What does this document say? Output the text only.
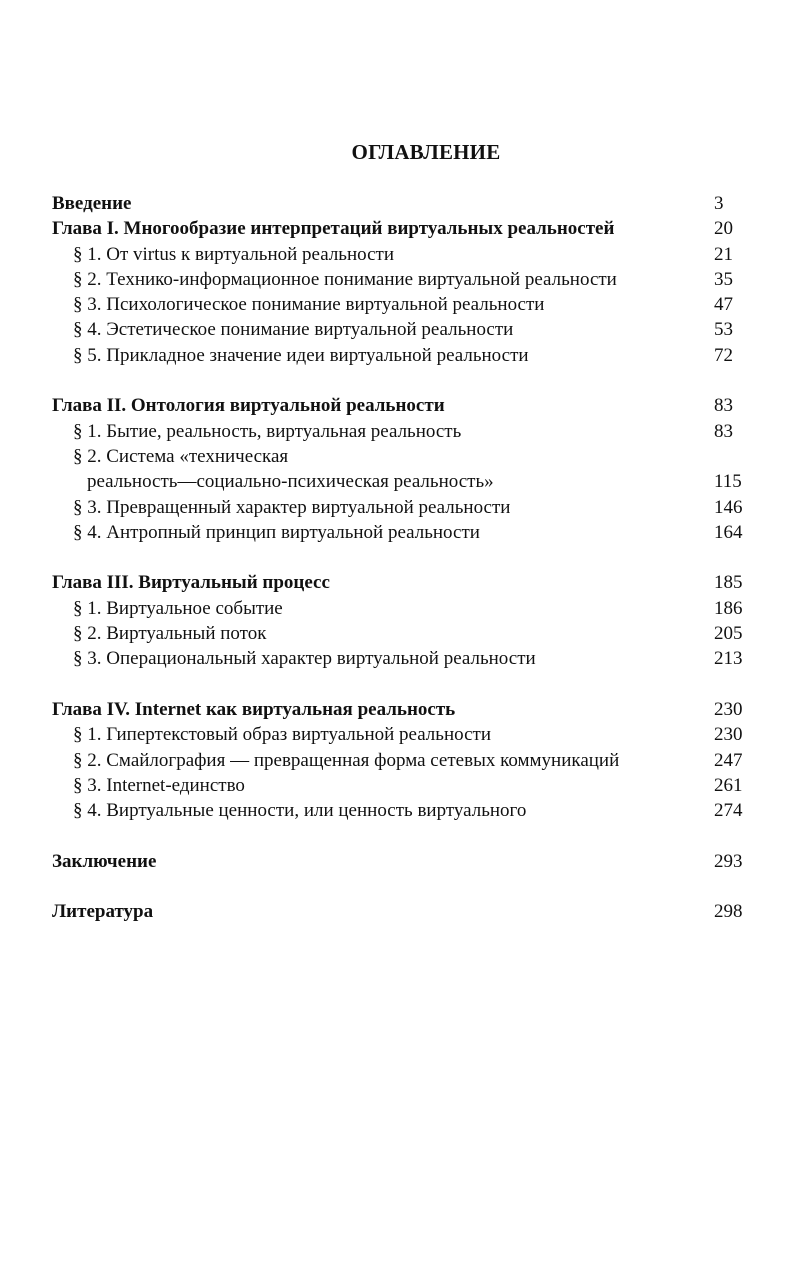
ОГЛАВЛЕНИЕ
Введение	3
Глава I. Многообразие интерпретаций виртуальных реальностей	20
§ 1. От virtus к виртуальной реальности	21
§ 2. Технико-информационное понимание виртуальной реальности	35
§ 3. Психологическое понимание виртуальной реальности	47
§ 4. Эстетическое понимание виртуальной реальности	53
§ 5. Прикладное значение идеи виртуальной реальности	72
Глава II. Онтология виртуальной реальности	83
§ 1. Бытие, реальность, виртуальная реальность	83
§ 2. Система «техническая
реальность—социально-психическая реальность»	115
§ 3. Превращенный характер виртуальной реальности	146
§ 4. Антропный принцип виртуальной реальности	164
Глава III. Виртуальный процесс	185
§ 1. Виртуальное событие	186
§ 2. Виртуальный поток	205
§ 3. Операциональный характер виртуальной реальности	213
Глава IV. Internet как виртуальная реальность	230
§ 1. Гипертекстовый образ виртуальной реальности	230
§ 2. Смайлография — превращенная форма сетевых коммуникаций	247
§ 3. Internet-единство	261
§ 4. Виртуальные ценности, или ценность виртуального	274
Заключение	293
Литература	298
